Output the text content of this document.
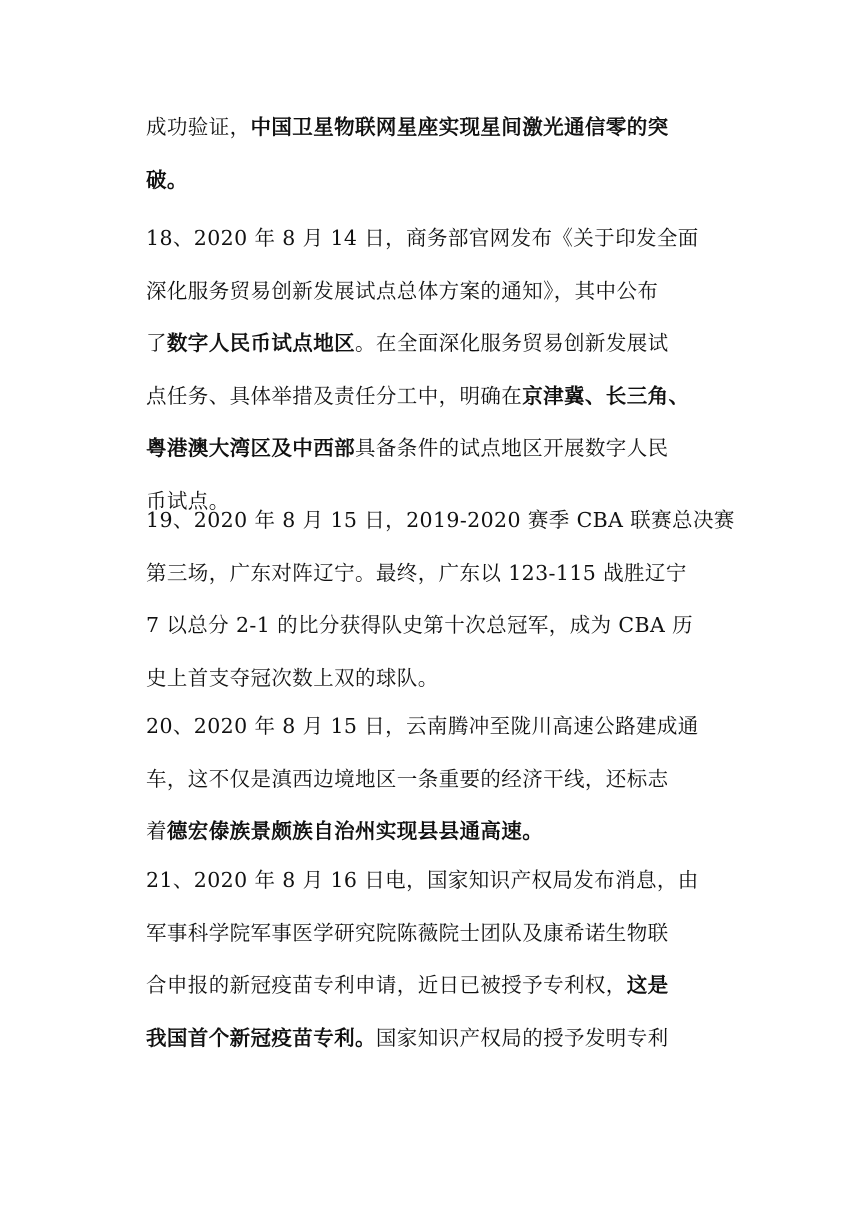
成功验证，中国卫星物联网星座实现星间激光通信零的突
破。
18、2020 年 8 月 14 日，商务部官网发布《关于印发全面
深化服务贸易创新发展试点总体方案的通知》，其中公布
了数字人民币试点地区。在全面深化服务贸易创新发展试
点任务、具体举措及责任分工中，明确在京津冀、长三角、
粤港澳大湾区及中西部具备条件的试点地区开展数字人民
币试点。
19、2020 年 8 月 15 日，2019-2020 赛季 CBA 联赛总决赛
第三场，广东对阵辽宁。最终，广东以 123-115 战胜辽宁
7 以总分 2-1 的比分获得队史第十次总冠军，成为 CBA 历
史上首支夺冠次数上双的球队。
20、2020 年 8 月 15 日，云南腾冲至陇川高速公路建成通
车，这不仅是滇西边境地区一条重要的经济干线，还标志
着德宏傣族景颇族自治州实现县县通高速。
21、2020 年 8 月 16 日电，国家知识产权局发布消息，由
军事科学院军事医学研究院陈薇院士团队及康希诺生物联
合申报的新冠疫苗专利申请，近日已被授予专利权，这是
我国首个新冠疫苗专利。国家知识产权局的授予发明专利
